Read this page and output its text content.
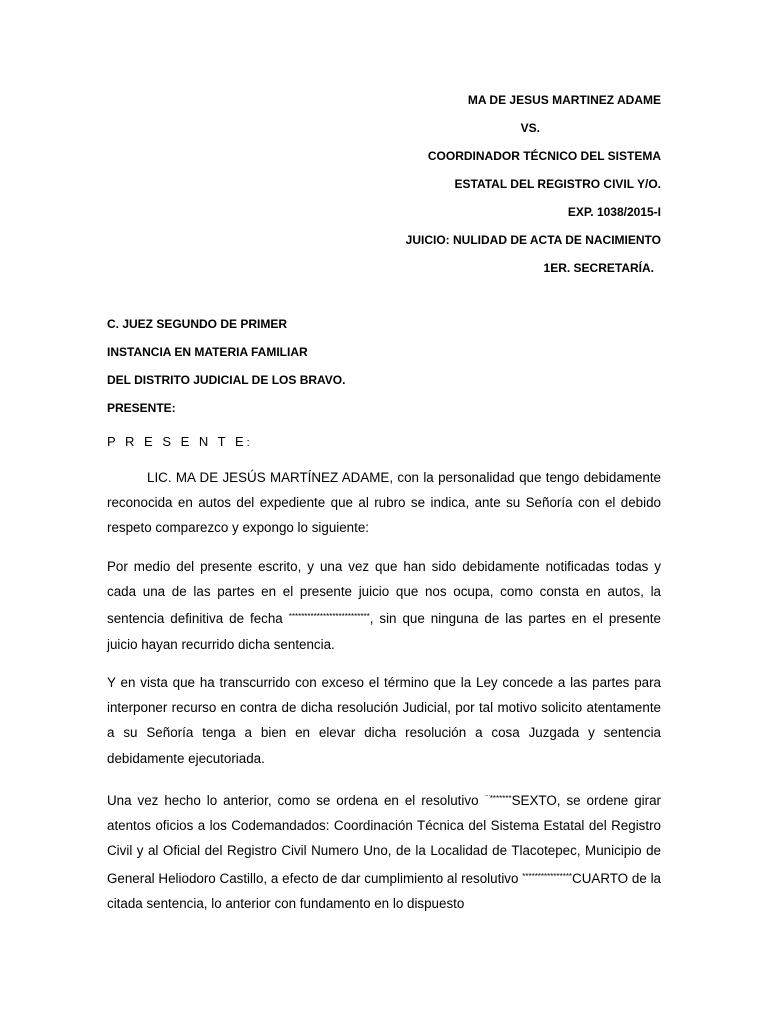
MA DE JESUS MARTINEZ ADAME
VS.
COORDINADOR TÉCNICO DEL SISTEMA
ESTATAL DEL REGISTRO CIVIL Y/O.
EXP. 1038/2015-I
JUICIO: NULIDAD DE ACTA DE NACIMIENTO
1ER. SECRETARÍA.
C. JUEZ SEGUNDO DE PRIMER
INSTANCIA EN MATERIA FAMILIAR
DEL DISTRITO JUDICIAL DE LOS BRAVO.
PRESENTE:
P R E S E N T E:
LIC. MA DE JESÚS MARTÍNEZ ADAME, con la personalidad que tengo debidamente reconocida en autos del expediente que al rubro se indica, ante su Señoría con el debido respeto comparezco y expongo lo siguiente:
Por medio del presente escrito, y una vez que han sido debidamente notificadas todas y cada una de las partes en el presente juicio que nos ocupa, como consta en autos, la sentencia definitiva de fecha **************************, sin que ninguna de las partes en el presente juicio hayan recurrido dicha sentencia.
Y en vista que ha transcurrido con exceso el término que la Ley concede a las partes para interponer recurso en contra de dicha resolución Judicial, por tal motivo solicito atentamente a su Señoría tenga a bien en elevar dicha resolución a cosa Juzgada y sentencia debidamente ejecutoriada.
Una vez hecho lo anterior, como se ordena en el resolutivo ¨¨*******SEXTO, se ordene girar atentos oficios a los Codemandados: Coordinación Técnica del Sistema Estatal del Registro Civil y al Oficial del Registro Civil Numero Uno, de la Localidad de Tlacotepec, Municipio de General Heliodoro Castillo, a efecto de dar cumplimiento al resolutivo ****************CUARTO de la citada sentencia, lo anterior con fundamento en lo dispuesto
